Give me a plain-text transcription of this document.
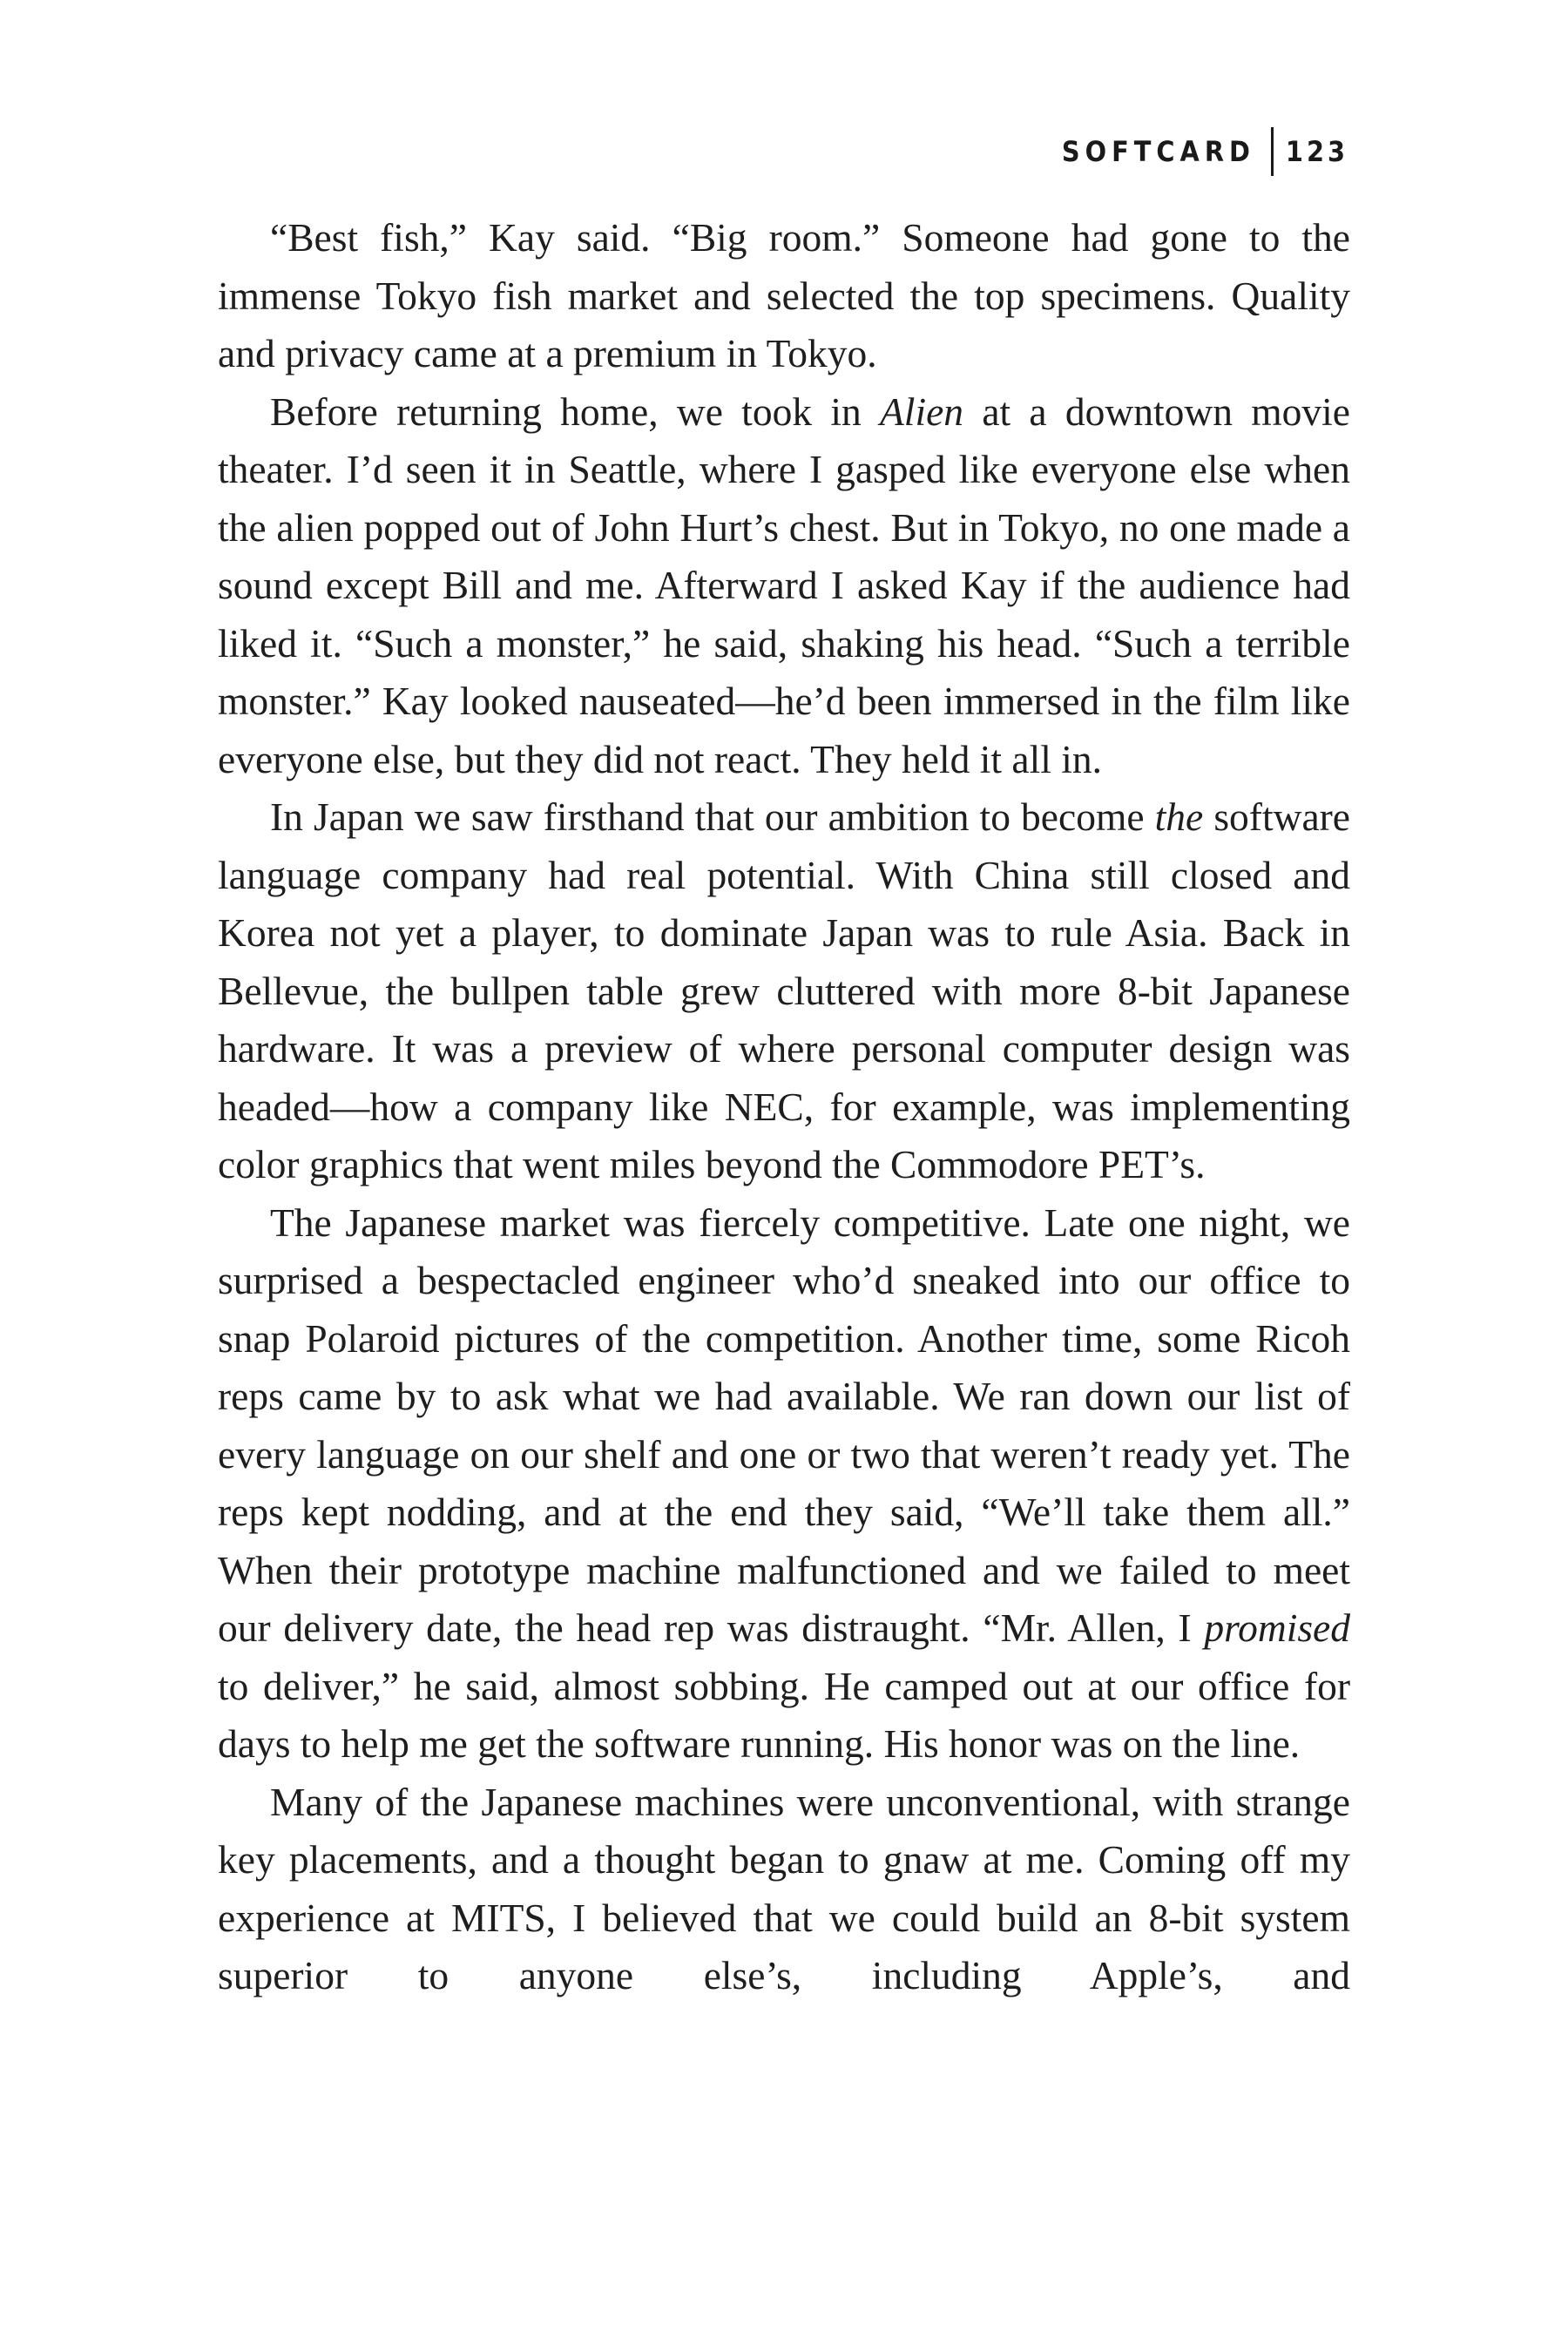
SOFTCARD 123

“Best fish,” Kay said. “Big room.” Someone had gone to the immense Tokyo fish market and selected the top specimens. Quality and privacy came at a premium in Tokyo.

Before returning home, we took in Alien at a downtown movie theater. I’d seen it in Seattle, where I gasped like everyone else when the alien popped out of John Hurt’s chest. But in Tokyo, no one made a sound except Bill and me. Afterward I asked Kay if the audience had liked it. “Such a monster,” he said, shaking his head. “Such a terrible monster.” Kay looked nauseated—he’d been immersed in the film like everyone else, but they did not react. They held it all in.

In Japan we saw firsthand that our ambition to become the software language company had real potential. With China still closed and Korea not yet a player, to dominate Japan was to rule Asia. Back in Bellevue, the bullpen table grew cluttered with more 8-bit Japanese hardware. It was a preview of where personal computer design was headed—how a company like NEC, for example, was implementing color graphics that went miles beyond the Commodore PET’s.

The Japanese market was fiercely competitive. Late one night, we surprised a bespectacled engineer who’d sneaked into our office to snap Polaroid pictures of the competition. Another time, some Ricoh reps came by to ask what we had available. We ran down our list of every language on our shelf and one or two that weren’t ready yet. The reps kept nodding, and at the end they said, “We’ll take them all.” When their prototype machine malfunctioned and we failed to meet our delivery date, the head rep was distraught. “Mr. Allen, I promised to deliver,” he said, almost sobbing. He camped out at our office for days to help me get the software running. His honor was on the line.

Many of the Japanese machines were unconventional, with strange key placements, and a thought began to gnaw at me. Coming off my experience at MITS, I believed that we could build an 8-bit system superior to anyone else’s, including Apple’s, and
